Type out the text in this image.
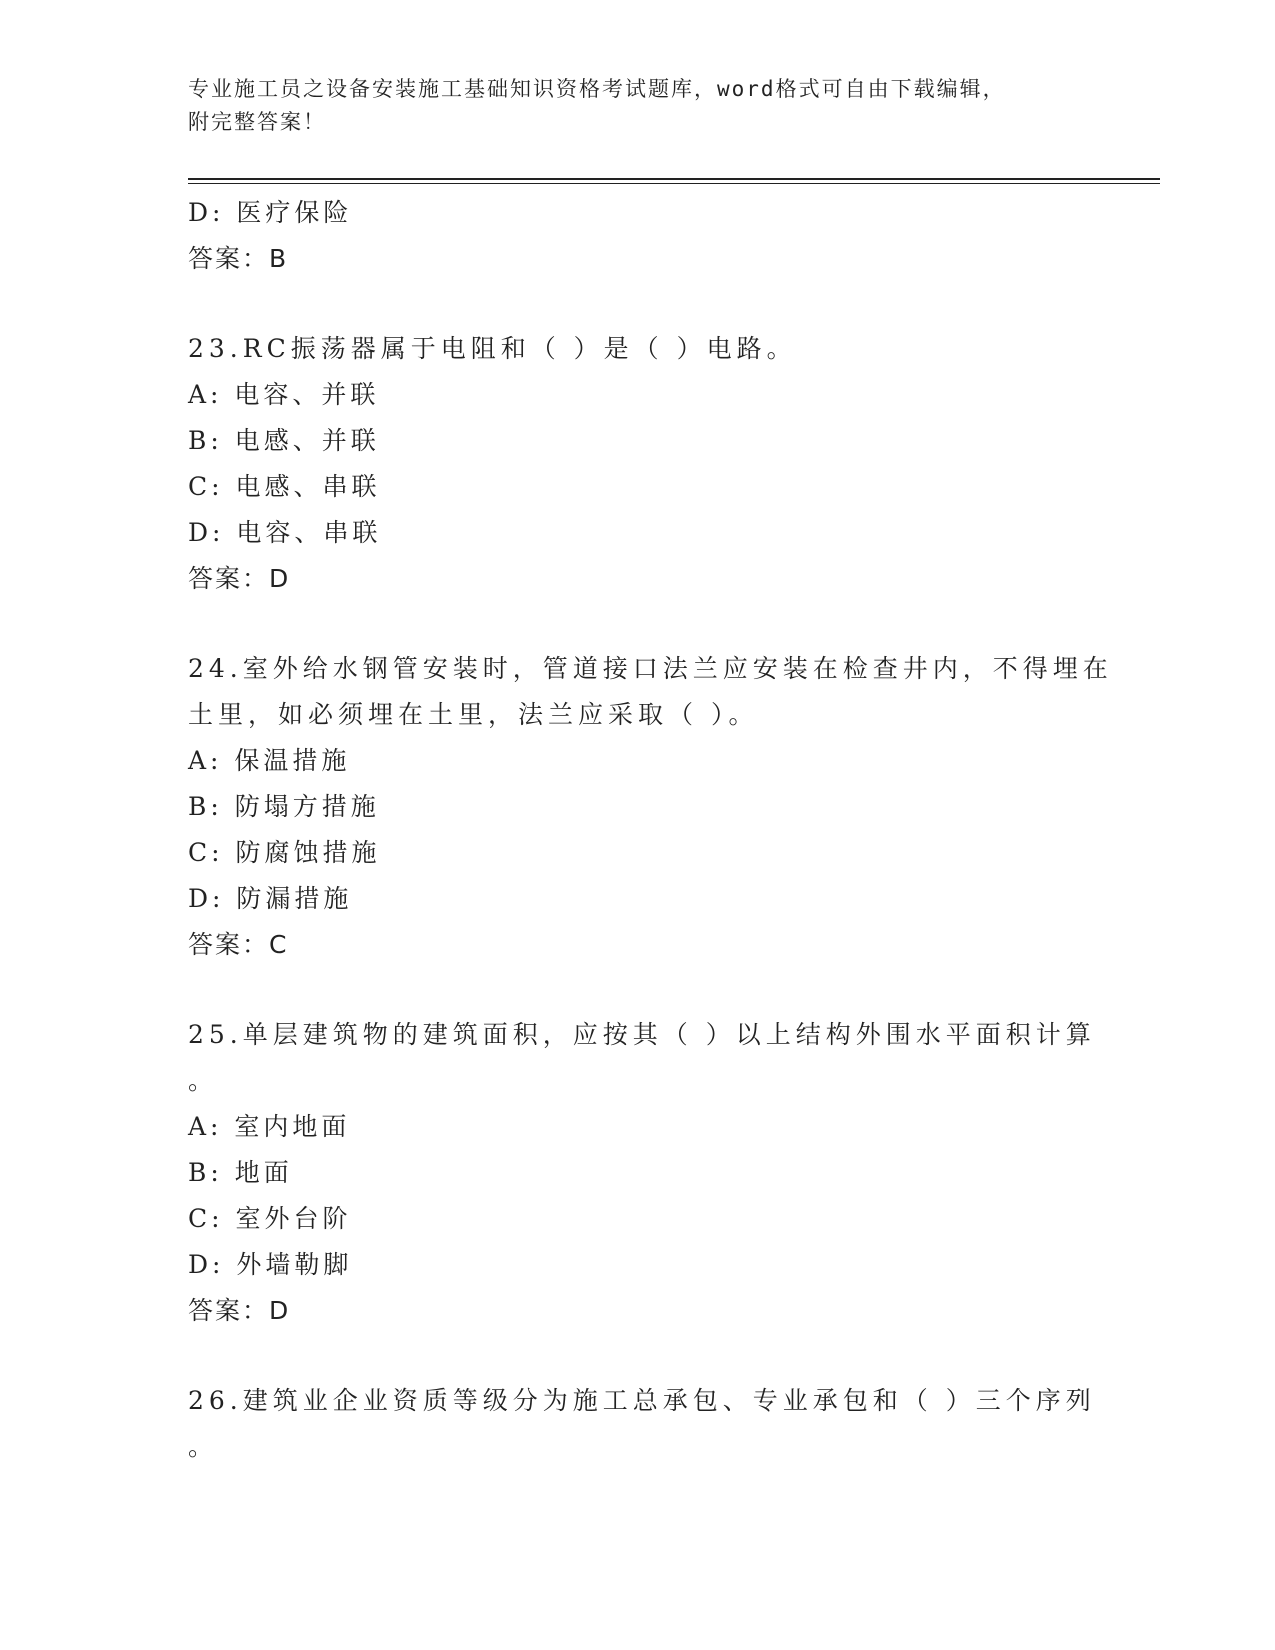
专业施工员之设备安装施工基础知识资格考试题库，word格式可自由下载编辑，
附完整答案！
D: 医疗保险
答案：B
23.RC振荡器属于电阻和（ ）是（ ）电路。
A: 电容、并联
B: 电感、并联
C: 电感、串联
D: 电容、串联
答案：D
24.室外给水钢管安装时，管道接口法兰应安装在检查井内，不得埋在
土里，如必须埋在土里，法兰应采取（ ）。
A: 保温措施
B: 防塌方措施
C: 防腐蚀措施
D: 防漏措施
答案：C
25.单层建筑物的建筑面积，应按其（ ）以上结构外围水平面积计算
。
A: 室内地面
B: 地面
C: 室外台阶
D: 外墙勒脚
答案：D
26.建筑业企业资质等级分为施工总承包、专业承包和（ ）三个序列
。
